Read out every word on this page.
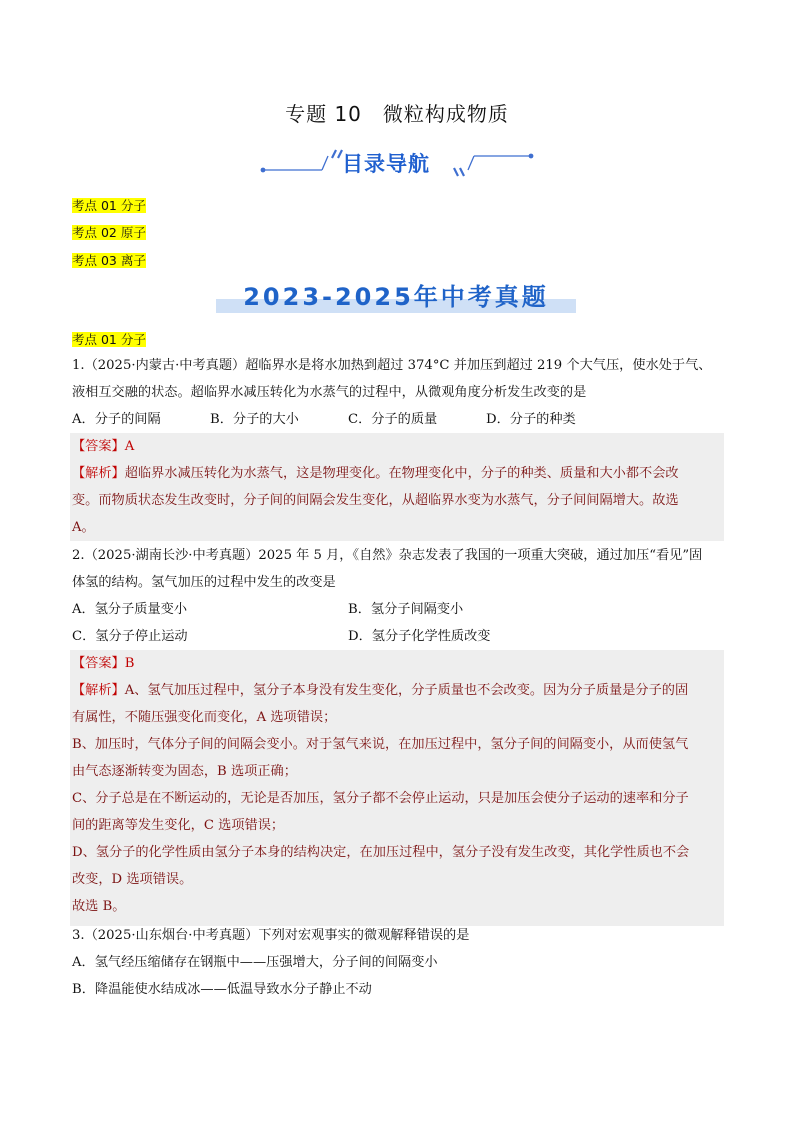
专题 10　微粒构成物质
目录导航
考点 01 分子
考点 02 原子
考点 03 离子
2023-2025年中考真题
考点 01 分子
1.（2025·内蒙古·中考真题）超临界水是将水加热到超过 374°C 并加压到超过 219 个大气压，使水处于气、
液相互交融的状态。超临界水减压转化为水蒸气的过程中，从微观角度分析发生改变的是
A．分子的间隔	B．分子的大小	C．分子的质量	D．分子的种类
【答案】A
【解析】超临界水减压转化为水蒸气，这是物理变化。在物理变化中，分子的种类、质量和大小都不会改
变。而物质状态发生改变时，分子间的间隔会发生变化，从超临界水变为水蒸气，分子间间隔增大。故选
A。
2.（2025·湖南长沙·中考真题）2025 年 5 月，《自然》杂志发表了我国的一项重大突破，通过加压“看见”固
体氢的结构。氢气加压的过程中发生的改变是
A．氢分子质量变小	B．氢分子间隔变小
C．氢分子停止运动	D．氢分子化学性质改变
【答案】B
【解析】A、氢气加压过程中，氢分子本身没有发生变化，分子质量也不会改变。因为分子质量是分子的固
有属性，不随压强变化而变化，A 选项错误；
B、加压时，气体分子间的间隔会变小。对于氢气来说，在加压过程中，氢分子间的间隔变小，从而使氢气
由气态逐渐转变为固态，B 选项正确；
C、分子总是在不断运动的，无论是否加压，氢分子都不会停止运动，只是加压会使分子运动的速率和分子
间的距离等发生变化，C 选项错误；
D、氢分子的化学性质由氢分子本身的结构决定，在加压过程中，氢分子没有发生改变，其化学性质也不会
改变，D 选项错误。
故选 B。
3.（2025·山东烟台·中考真题）下列对宏观事实的微观解释错误的是
A．氢气经压缩储存在钢瓶中——压强增大，分子间的间隔变小
B．降温能使水结成冰——低温导致水分子静止不动
